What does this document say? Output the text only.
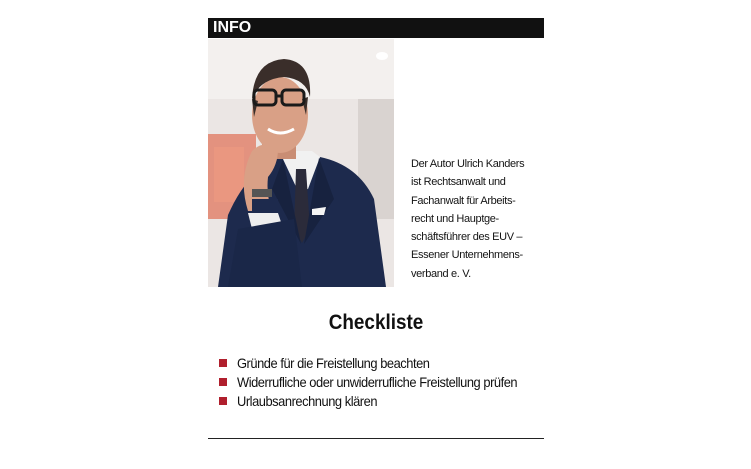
INFO
Der Autor Ulrich Kanders
ist Rechtsanwalt und
Fachanwalt für Arbeits-
recht und Hauptge-
schäftsführer des EUV –
Essener Unternehmens-
verband e. V.
Checkliste
Gründe für die Freistellung beachten
Widerrufliche oder unwiderrufliche Freistellung prüfen
Urlaubsanrechnung klären
